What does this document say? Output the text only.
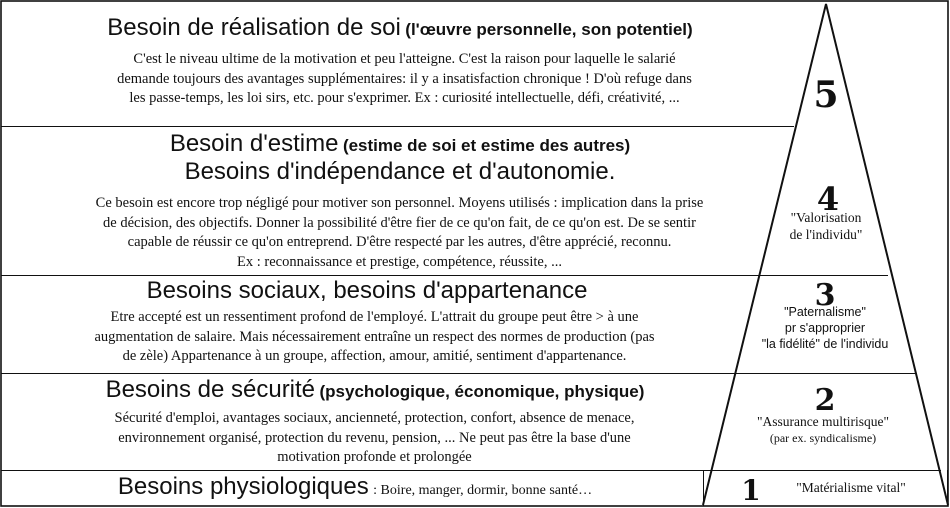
Besoin de réalisation de soi (l'œuvre personnelle, son potentiel)
C'est le niveau ultime de la motivation et peu l'atteigne. C'est la raison pour laquelle le salarié
demande toujours des avantages supplémentaires: il y a insatisfaction chronique ! D'où refuge dans
les passe-temps, les loi sirs, etc. pour s'exprimer. Ex : curiosité intellectuelle, défi, créativité, ...	5
Besoin d'estime (estime de soi et estime des autres)
Besoins d'indépendance et d'autonomie.
Ce besoin est encore trop négligé pour motiver son personnel. Moyens utilisés : implication dans la prise
de décision, des objectifs. Donner la possibilité d'être fier de ce qu'on fait, de ce qu'on est. De se sentir
capable de réussir ce qu'on entreprend. D'être respecté par les autres, d'être apprécié, reconnu.
Ex : reconnaissance et prestige, compétence, réussite, ...
4
"Valorisation
de l'individu"
Besoins sociaux, besoins d'appartenance
Etre accepté est un ressentiment profond de l'employé. L'attrait du groupe peut être > à une
augmentation de salaire. Mais nécessairement entraîne un respect des normes de production (pas
de zèle) Appartenance à un groupe, affection, amour, amitié, sentiment d'appartenance.
3
"Paternalisme"
pr s'approprier
"la fidélité" de l'individu
Besoins de sécurité (psychologique, économique, physique)
Sécurité d'emploi, avantages sociaux, ancienneté, protection, confort, absence de menace,
environnement organisé, protection du revenu, pension, ... Ne peut pas être la base d'une
motivation profonde et prolongée
2
"Assurance multirisque"
(par ex. syndicalisme)
Besoins physiologiques : Boire, manger, dormir, bonne santé…	1	"Matérialisme vital"
